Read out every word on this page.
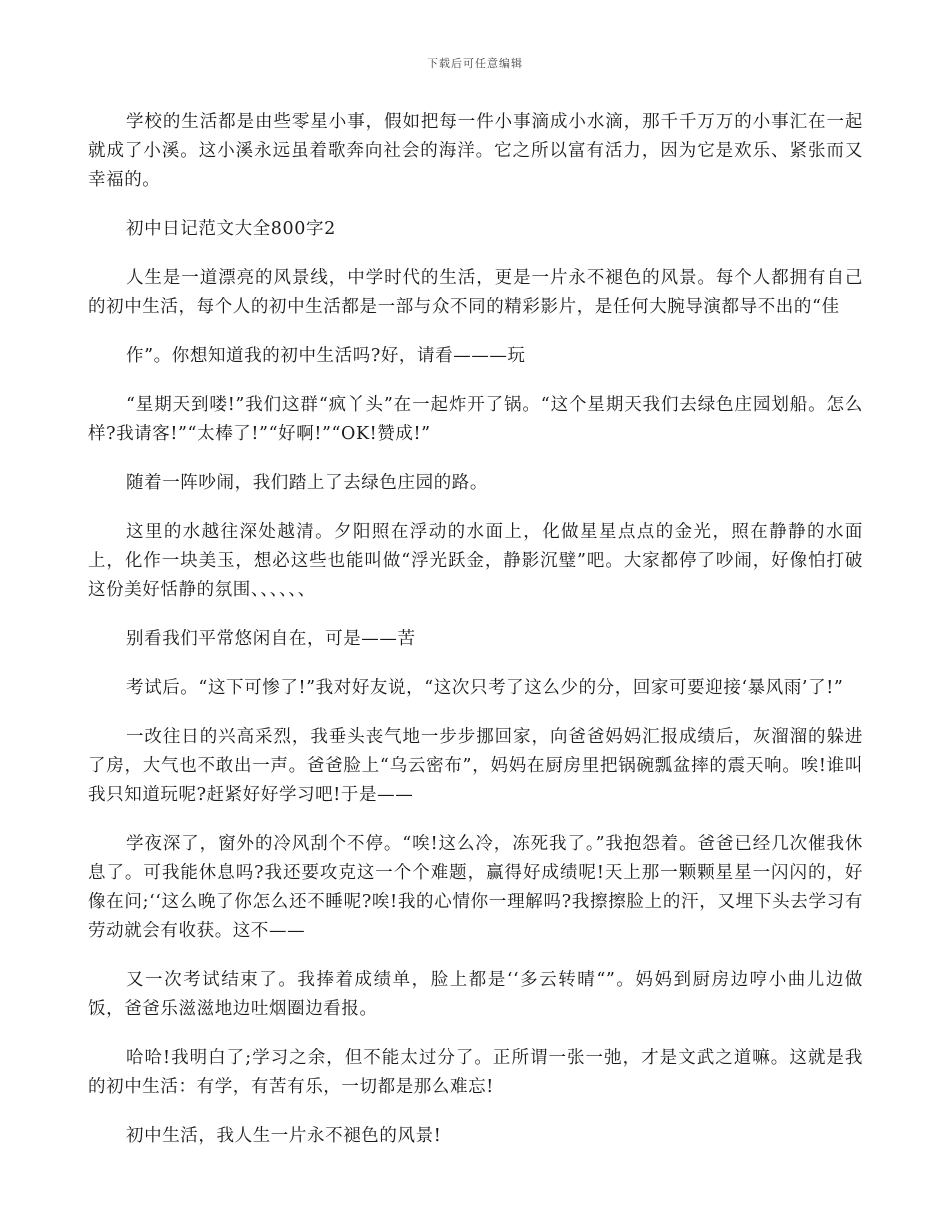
下载后可任意编辑

学校的生活都是由些零星小事，假如把每一件小事滴成小水滴，那千千万万的小事汇在一起就成了小溪。这小溪永远虽着歌奔向社会的海洋。它之所以富有活力，因为它是欢乐、紧张而又幸福的。

初中日记范文大全800字2

人生是一道漂亮的风景线，中学时代的生活，更是一片永不褪色的风景。每个人都拥有自己的初中生活，每个人的初中生活都是一部与众不同的精彩影片，是任何大腕导演都导不出的“佳

作”。你想知道我的初中生活吗?好，请看———玩

“星期天到喽!”我们这群“疯丫头”在一起炸开了锅。“这个星期天我们去绿色庄园划船。怎么样?我请客!”“太棒了!”“好啊!”“OK!赞成!”

随着一阵吵闹，我们踏上了去绿色庄园的路。

这里的水越往深处越清。夕阳照在浮动的水面上，化做星星点点的金光，照在静静的水面上，化作一块美玉，想必这些也能叫做“浮光跃金，静影沉璧”吧。大家都停了吵闹，好像怕打破这份美好恬静的氛围、、、、、、

别看我们平常悠闲自在，可是——苦

考试后。“这下可惨了!”我对好友说，“这次只考了这么少的分，回家可要迎接‘暴风雨’了!”

一改往日的兴高采烈，我垂头丧气地一步步挪回家，向爸爸妈妈汇报成绩后，灰溜溜的躲进了房，大气也不敢出一声。爸爸脸上“乌云密布”，妈妈在厨房里把锅碗瓢盆摔的震天响。唉!谁叫我只知道玩呢?赶紧好好学习吧!于是——

学夜深了，窗外的冷风刮个不停。“唉!这么冷，冻死我了。”我抱怨着。爸爸已经几次催我休息了。可我能休息吗?我还要攻克这一个个难题，赢得好成绩呢!天上那一颗颗星星一闪闪的，好像在问;‘‘这么晚了你怎么还不睡呢?唉!我的心情你一理解吗?我擦擦脸上的汗，又埋下头去学习有劳动就会有收获。这不——

又一次考试结束了。我捧着成绩单，脸上都是‘‘多云转晴“”。妈妈到厨房边哼小曲儿边做饭，爸爸乐滋滋地边吐烟圈边看报。

哈哈!我明白了;学习之余，但不能太过分了。正所谓一张一弛，才是文武之道嘛。这就是我的初中生活：有学，有苦有乐，一切都是那么难忘!

初中生活，我人生一片永不褪色的风景!
